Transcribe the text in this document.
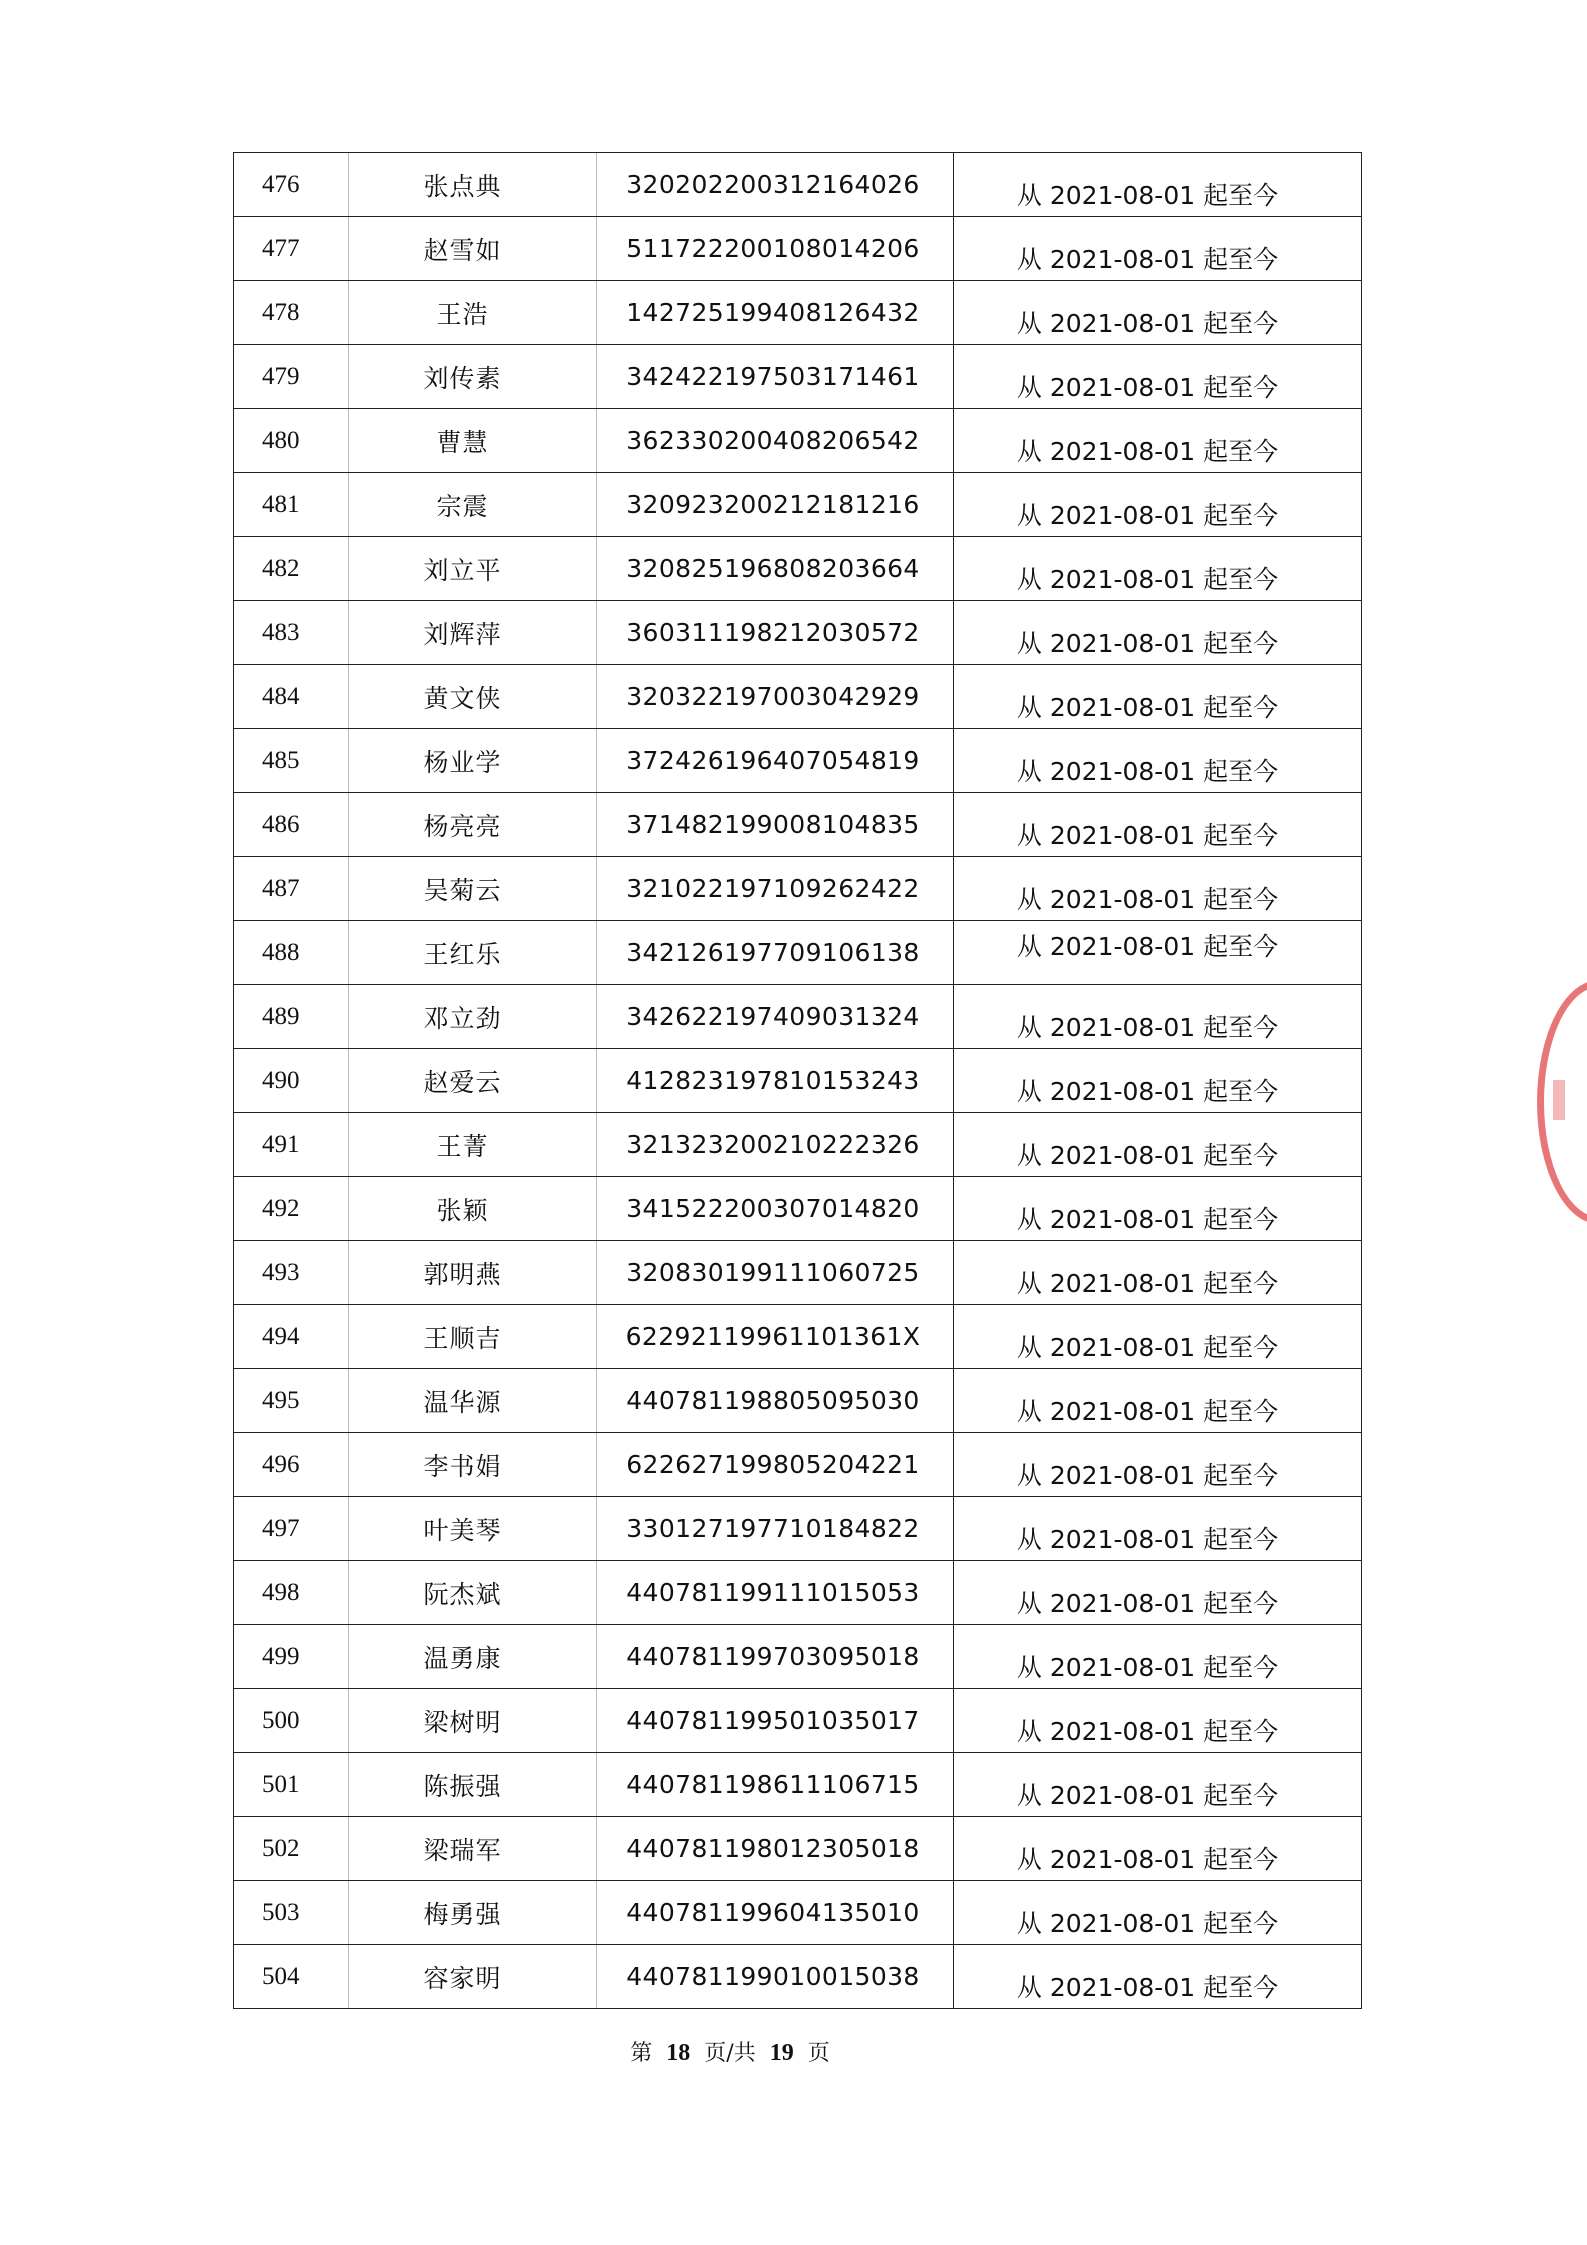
476	张点典	320202200312164026	从 2021-08-01 起至今
477	赵雪如	511722200108014206	从 2021-08-01 起至今
478	王浩	142725199408126432	从 2021-08-01 起至今
479	刘传素	342422197503171461	从 2021-08-01 起至今
480	曹慧	362330200408206542	从 2021-08-01 起至今
481	宗震	320923200212181216	从 2021-08-01 起至今
482	刘立平	320825196808203664	从 2021-08-01 起至今
483	刘辉萍	360311198212030572	从 2021-08-01 起至今
484	黄文侠	320322197003042929	从 2021-08-01 起至今
485	杨业学	372426196407054819	从 2021-08-01 起至今
486	杨亮亮	371482199008104835	从 2021-08-01 起至今
487	吴菊云	321022197109262422	从 2021-08-01 起至今
488	王红乐	342126197709106138	从 2021-08-01 起至今
489	邓立劲	342622197409031324	从 2021-08-01 起至今
490	赵爱云	412823197810153243	从 2021-08-01 起至今
491	王菁	321323200210222326	从 2021-08-01 起至今
492	张颖	341522200307014820	从 2021-08-01 起至今
493	郭明燕	320830199111060725	从 2021-08-01 起至今
494	王顺吉	62292119961101361X	从 2021-08-01 起至今
495	温华源	440781198805095030	从 2021-08-01 起至今
496	李书娟	622627199805204221	从 2021-08-01 起至今
497	叶美琴	330127197710184822	从 2021-08-01 起至今
498	阮杰斌	440781199111015053	从 2021-08-01 起至今
499	温勇康	440781199703095018	从 2021-08-01 起至今
500	梁树明	440781199501035017	从 2021-08-01 起至今
501	陈振强	440781198611106715	从 2021-08-01 起至今
502	梁瑞军	440781198012305018	从 2021-08-01 起至今
503	梅勇强	440781199604135010	从 2021-08-01 起至今
504	容家明	440781199010015038	从 2021-08-01 起至今
第 18 页/共 19 页
